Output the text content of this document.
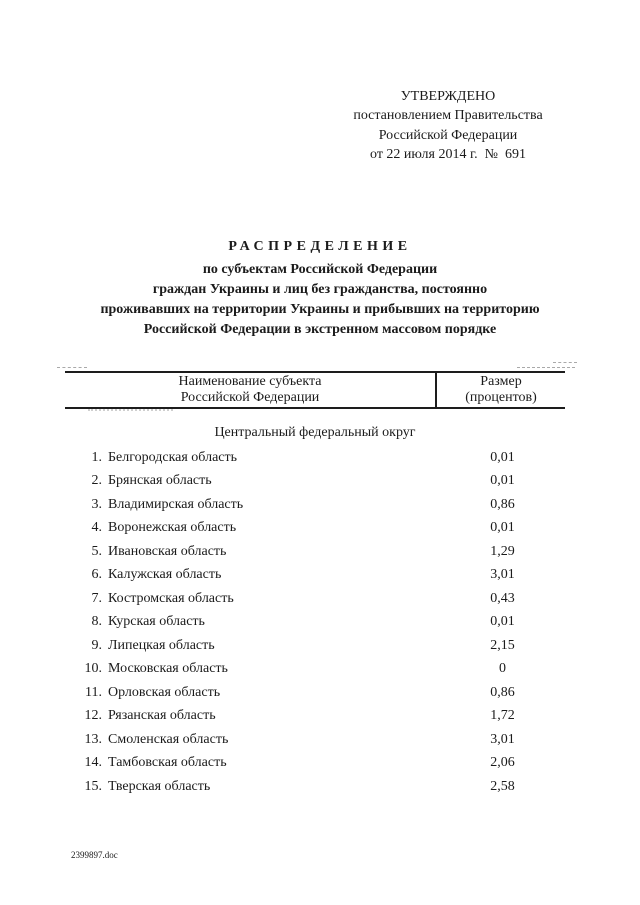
УТВЕРЖДЕНО
постановлением Правительства
Российской Федерации
от 22 июля 2014 г.  №  691
РАСПРЕДЕЛЕНИЕ
по субъектам Российской Федерации
граждан Украины и лиц без гражданства, постоянно
проживавших на территории Украины и прибывших на территорию
Российской Федерации в экстренном массовом порядке
Наименование субъекта
Российской Федерации
Размер
(процентов)
Центральный федеральный округ
1. Белгородская область	0,01
2. Брянская область	0,01
3. Владимирская область	0,86
4. Воронежская область	0,01
5. Ивановская область	1,29
6. Калужская область	3,01
7. Костромская область	0,43
8. Курская область	0,01
9. Липецкая область	2,15
10. Московская область	0
11. Орловская область	0,86
12. Рязанская область	1,72
13. Смоленская область	3,01
14. Тамбовская область	2,06
15. Тверская область	2,58
2399897.doc
